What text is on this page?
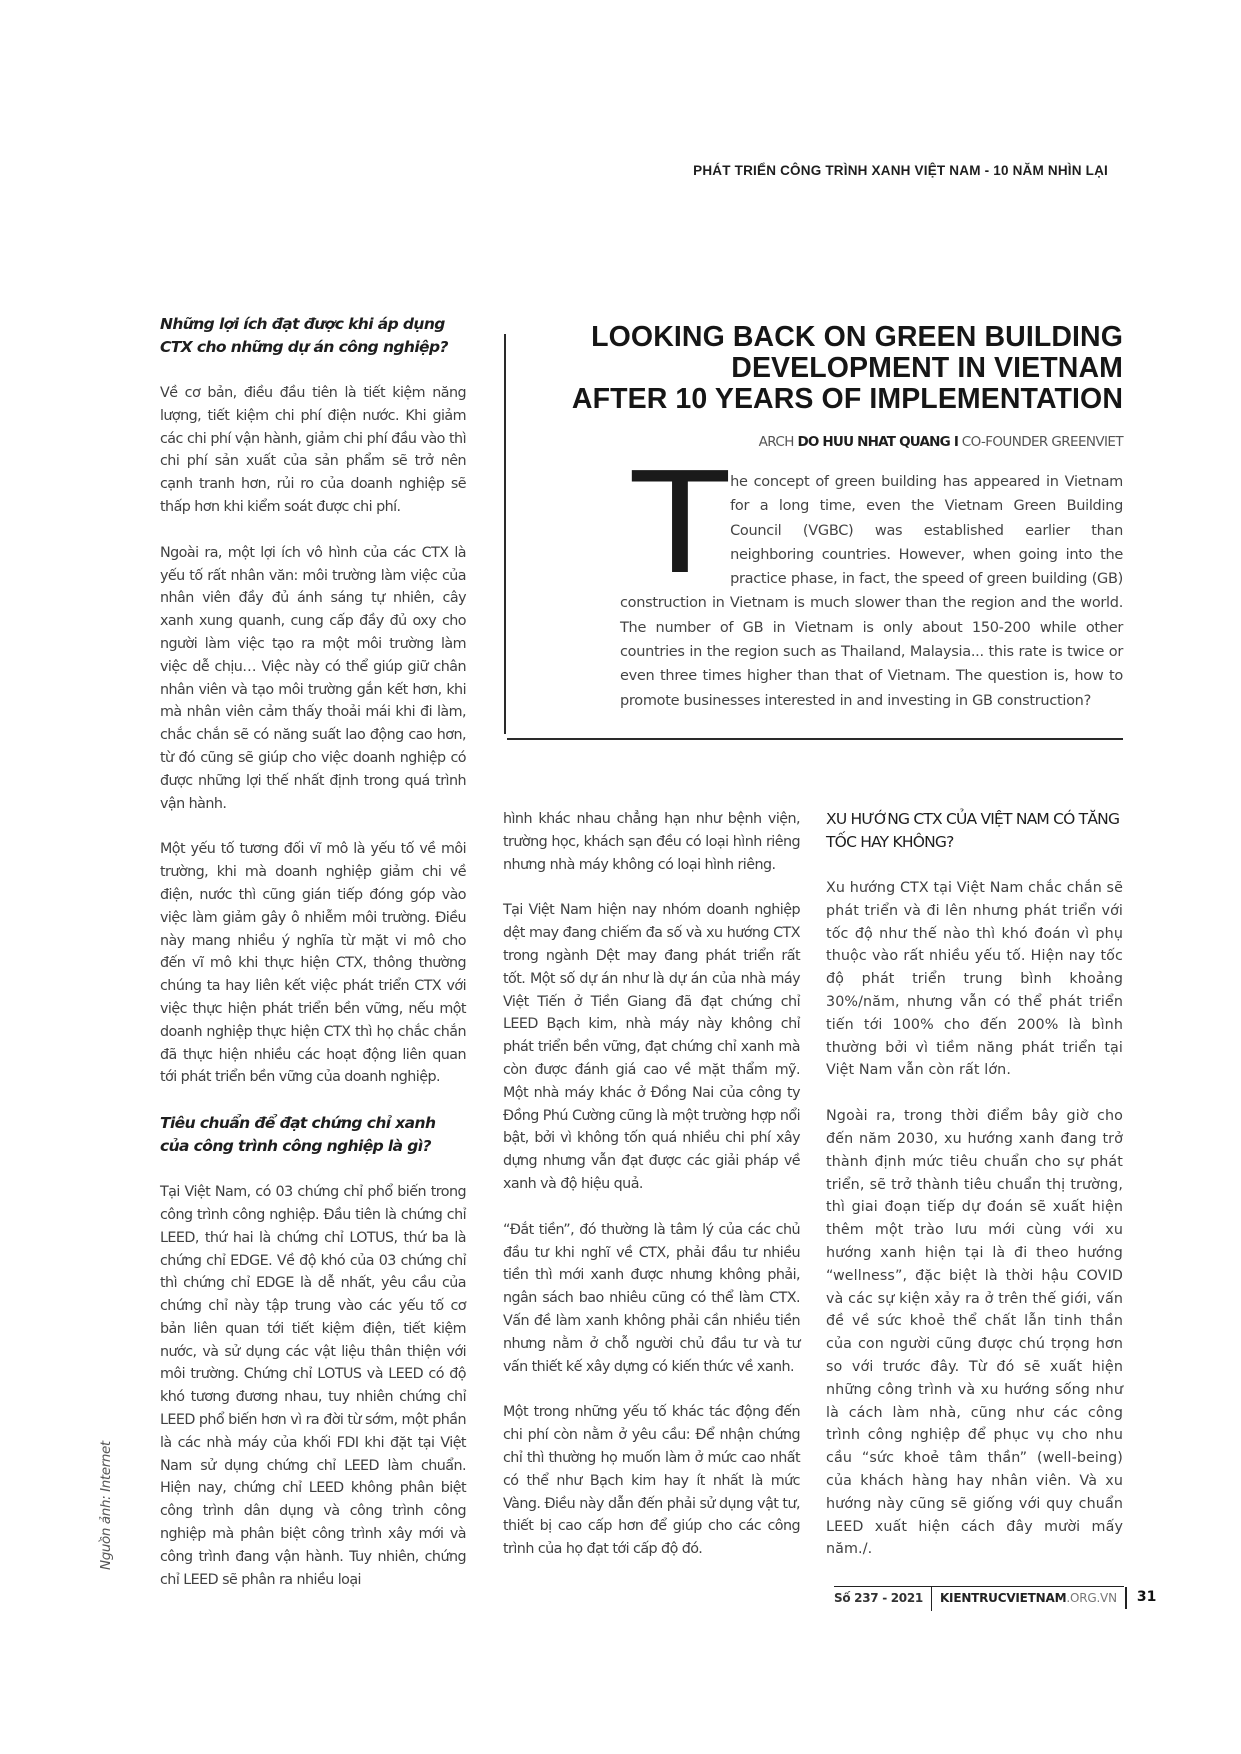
PHÁT TRIỂN CÔNG TRÌNH XANH VIỆT NAM - 10 NĂM NHÌN LẠI
Những lợi ích đạt được khi áp dụng CTX cho những dự án công nghiệp?

Về cơ bản, điều đầu tiên là tiết kiệm năng lượng, tiết kiệm chi phí điện nước. Khi giảm các chi phí vận hành, giảm chi phí đầu vào thì chi phí sản xuất của sản phẩm sẽ trở nên cạnh tranh hơn, rủi ro của doanh nghiệp sẽ thấp hơn khi kiểm soát được chi phí.

Ngoài ra, một lợi ích vô hình của các CTX là yếu tố rất nhân văn: môi trường làm việc của nhân viên đầy đủ ánh sáng tự nhiên, cây xanh xung quanh, cung cấp đầy đủ oxy cho người làm việc tạo ra một môi trường làm việc dễ chịu… Việc này có thể giúp giữ chân nhân viên và tạo môi trường gắn kết hơn, khi mà nhân viên cảm thấy thoải mái khi đi làm, chắc chắn sẽ có năng suất lao động cao hơn, từ đó cũng sẽ giúp cho việc doanh nghiệp có được những lợi thế nhất định trong quá trình vận hành.

Một yếu tố tương đối vĩ mô là yếu tố về môi trường, khi mà doanh nghiệp giảm chi về điện, nước thì cũng gián tiếp đóng góp vào việc làm giảm gây ô nhiễm môi trường. Điều này mang nhiều ý nghĩa từ mặt vi mô cho đến vĩ mô khi thực hiện CTX, thông thường chúng ta hay liên kết việc phát triển CTX với việc thực hiện phát triển bền vững, nếu một doanh nghiệp thực hiện CTX thì họ chắc chắn đã thực hiện nhiều các hoạt động liên quan tới phát triển bền vững của doanh nghiệp.

Tiêu chuẩn để đạt chứng chỉ xanh của công trình công nghiệp là gì?

Tại Việt Nam, có 03 chứng chỉ phổ biến trong công trình công nghiệp. Đầu tiên là chứng chỉ LEED, thứ hai là chứng chỉ LOTUS, thứ ba là chứng chỉ EDGE. Về độ khó của 03 chứng chỉ thì chứng chỉ EDGE là dễ nhất, yêu cầu của chứng chỉ này tập trung vào các yếu tố cơ bản liên quan tới tiết kiệm điện, tiết kiệm nước, và sử dụng các vật liệu thân thiện với môi trường. Chứng chỉ LOTUS và LEED có độ khó tương đương nhau, tuy nhiên chứng chỉ LEED phổ biến hơn vì ra đời từ sớm, một phần là các nhà máy của khối FDI khi đặt tại Việt Nam sử dụng chứng chỉ LEED làm chuẩn. Hiện nay, chứng chỉ LEED không phân biệt công trình dân dụng và công trình công nghiệp mà phân biệt công trình xây mới và công trình đang vận hành. Tuy nhiên, chứng chỉ LEED sẽ phân ra nhiều loại

LOOKING BACK ON GREEN BUILDING
DEVELOPMENT IN VIETNAM
AFTER 10 YEARS OF IMPLEMENTATION
ARCH DO HUU NHAT QUANG I CO-FOUNDER GREENVIET
T

he concept of green building has appeared in Vietnam for a long time, even the Vietnam Green Building Council (VGBC) was established earlier than neighboring countries. However, when going into the practice phase, in fact, the speed of green building (GB) construction in Vietnam is much slower than the region and the world. The number of GB in Vietnam is only about 150-200 while other countries in the region such as Thailand, Malaysia... this rate is twice or even three times higher than that of Vietnam. The question is, how to promote businesses interested in and investing in GB construction?

hình khác nhau chẳng hạn như bệnh viện, trường học, khách sạn đều có loại hình riêng nhưng nhà máy không có loại hình riêng.

Tại Việt Nam hiện nay nhóm doanh nghiệp dệt may đang chiếm đa số và xu hướng CTX trong ngành Dệt may đang phát triển rất tốt. Một số dự án như là dự án của nhà máy Việt Tiến ở Tiền Giang đã đạt chứng chỉ LEED Bạch kim, nhà máy này không chỉ phát triển bền vững, đạt chứng chỉ xanh mà còn được đánh giá cao về mặt thẩm mỹ. Một nhà máy khác ở Đồng Nai của công ty Đồng Phú Cường cũng là một trường hợp nổi bật, bởi vì không tốn quá nhiều chi phí xây dựng nhưng vẫn đạt được các giải pháp về xanh và độ hiệu quả.

“Đắt tiền”, đó thường là tâm lý của các chủ đầu tư khi nghĩ về CTX, phải đầu tư nhiều tiền thì mới xanh được nhưng không phải, ngân sách bao nhiêu cũng có thể làm CTX. Vấn đề làm xanh không phải cần nhiều tiền nhưng nằm ở chỗ người chủ đầu tư và tư vấn thiết kế xây dựng có kiến thức về xanh.

Một trong những yếu tố khác tác động đến chi phí còn nằm ở yêu cầu: Để nhận chứng chỉ thì thường họ muốn làm ở mức cao nhất có thể như Bạch kim hay ít nhất là mức Vàng. Điều này dẫn đến phải sử dụng vật tư, thiết bị cao cấp hơn để giúp cho các công trình của họ đạt tới cấp độ đó.

XU HƯỚNG CTX CỦA VIỆT NAM CÓ TĂNG TỐC HAY KHÔNG?

Xu hướng CTX tại Việt Nam chắc chắn sẽ phát triển và đi lên nhưng phát triển với tốc độ như thế nào thì khó đoán vì phụ thuộc vào rất nhiều yếu tố. Hiện nay tốc độ phát triển trung bình khoảng 30%/năm, nhưng vẫn có thể phát triển tiến tới 100% cho đến 200% là bình thường bởi vì tiềm năng phát triển tại Việt Nam vẫn còn rất lớn.

Ngoài ra, trong thời điểm bây giờ cho đến năm 2030, xu hướng xanh đang trở thành định mức tiêu chuẩn cho sự phát triển, sẽ trở thành tiêu chuẩn thị trường, thì giai đoạn tiếp dự đoán sẽ xuất hiện thêm một trào lưu mới cùng với xu hướng xanh hiện tại là đi theo hướng “wellness”, đặc biệt là thời hậu COVID và các sự kiện xảy ra ở trên thế giới, vấn đề về sức khoẻ thể chất lẫn tinh thần của con người cũng được chú trọng hơn so với trước đây. Từ đó sẽ xuất hiện những công trình và xu hướng sống như là cách làm nhà, cũng như các công trình công nghiệp để phục vụ cho nhu cầu “sức khoẻ tâm thần” (well-being) của khách hàng hay nhân viên. Và xu hướng này cũng sẽ giống với quy chuẩn LEED xuất hiện cách đây mười mấy năm./.

Nguồn ảnh: Internet
Số 237 - 2021	KIENTRUCVIETNAM.ORG.VN	31
